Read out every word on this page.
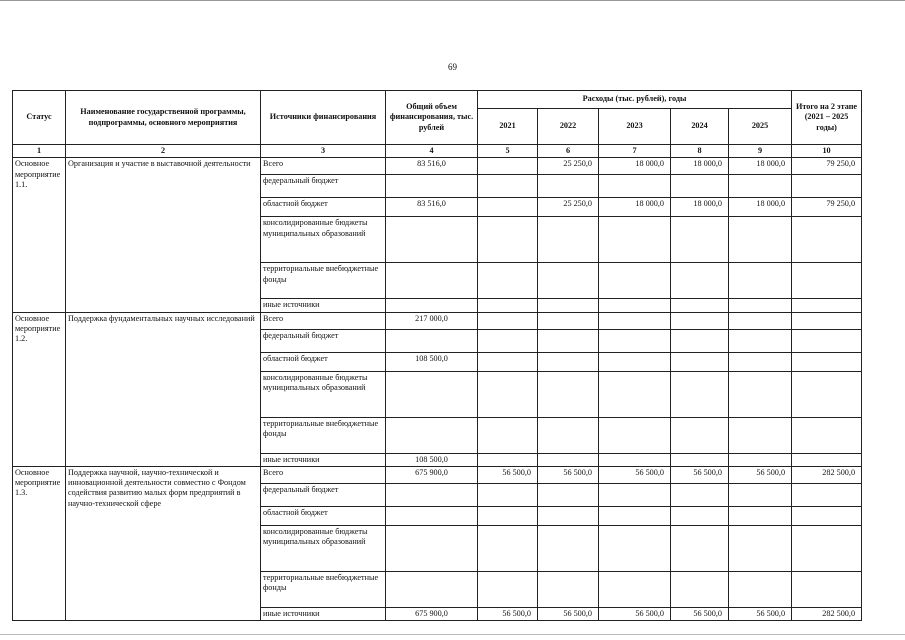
69
Статус	Наименование государственной программы, подпрограммы, основного мероприятия	Источники финансирования	Общий объем финансирования, тыс. рублей	Расходы (тыс. рублей), годы					Итого на 2 этапе (2021 – 2025 годы)
				2021	2022	2023	2024	2025	
1	2	3	4	5	6	7	8	9	10
Основное мероприятие 1.1.	Организация и участие в выставочной деятельности	Всего	83 516,0		25 250,0	18 000,0	18 000,0	18 000,0	79 250,0
		федеральный бюджет							
		областной бюджет	83 516,0		25 250,0	18 000,0	18 000,0	18 000,0	79 250,0
		консолидированные бюджеты муниципальных образований							
		территориальные внебюджетные фонды							
		иные источники							
Основное мероприятие 1.2.	Поддержка фундаментальных научных исследований	Всего	217 000,0						
		федеральный бюджет							
		областной бюджет	108 500,0						
		консолидированные бюджеты муниципальных образований							
		территориальные внебюджетные фонды							
		иные источники	108 500,0						
Основное мероприятие 1.3.	Поддержка научной, научно-технической и инновационной деятельности совместно с Фондом содействия развитию малых форм предприятий в научно-технической сфере	Всего	675 900,0	56 500,0	56 500,0	56 500,0	56 500,0	56 500,0	282 500,0
		федеральный бюджет							
		областной бюджет							
		консолидированные бюджеты муниципальных образований							
		территориальные внебюджетные фонды							
		иные источники	675 900,0	56 500,0	56 500,0	56 500,0	56 500,0	56 500,0	282 500,0
